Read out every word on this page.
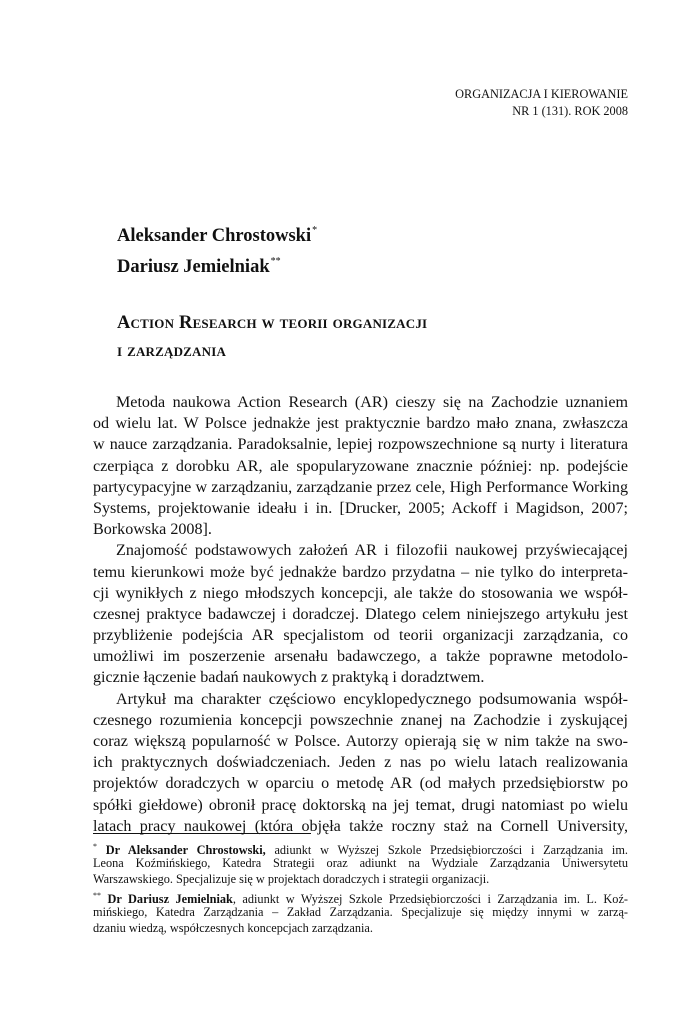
ORGANIZACJA I KIEROWANIE
NR 1 (131). ROK 2008
Aleksander Chrostowski*
Dariusz Jemielniak**
Action Research w teorii organizacji
i zarządzania
Metoda naukowa Action Research (AR) cieszy się na Zachodzie uznaniem
od wielu lat. W Polsce jednakże jest praktycznie bardzo mało znana, zwłaszcza
w nauce zarządzania. Paradoksalnie, lepiej rozpowszechnione są nurty i literatura
czerpiąca z dorobku AR, ale spopularyzowane znacznie później: np. podejście
partycypacyjne w zarządzaniu, zarządzanie przez cele, High Performance Working
Systems, projektowanie ideału i in. [Drucker, 2005; Ackoff i Magidson, 2007;
Borkowska 2008].
Znajomość podstawowych założeń AR i filozofii naukowej przyświecającej
temu kierunkowi może być jednakże bardzo przydatna – nie tylko do interpreta-
cji wynikłych z niego młodszych koncepcji, ale także do stosowania we współ-
czesnej praktyce badawczej i doradczej. Dlatego celem niniejszego artykułu jest
przybliżenie podejścia AR specjalistom od teorii organizacji zarządzania, co
umożliwi im poszerzenie arsenału badawczego, a także poprawne metodolo-
gicznie łączenie badań naukowych z praktyką i doradztwem.
Artykuł ma charakter częściowo encyklopedycznego podsumowania współ-
czesnego rozumienia koncepcji powszechnie znanej na Zachodzie i zyskującej
coraz większą popularność w Polsce. Autorzy opierają się w nim także na swo-
ich praktycznych doświadczeniach. Jeden z nas po wielu latach realizowania
projektów doradczych w oparciu o metodę AR (od małych przedsiębiorstw po
spółki giełdowe) obronił pracę doktorską na jej temat, drugi natomiast po wielu
latach pracy naukowej (która objęła także roczny staż na Cornell University,
* Dr Aleksander Chrostowski, adiunkt w Wyższej Szkole Przedsiębiorczości i Zarządzania im.
Leona Koźmińskiego, Katedra Strategii oraz adiunkt na Wydziale Zarządzania Uniwersytetu
Warszawskiego. Specjalizuje się w projektach doradczych i strategii organizacji.
** Dr Dariusz Jemielniak, adiunkt w Wyższej Szkole Przedsiębiorczości i Zarządzania im. L. Koź-
mińskiego, Katedra Zarządzania – Zakład Zarządzania. Specjalizuje się między innymi w zarzą-
dzaniu wiedzą, współczesnych koncepcjach zarządzania.
